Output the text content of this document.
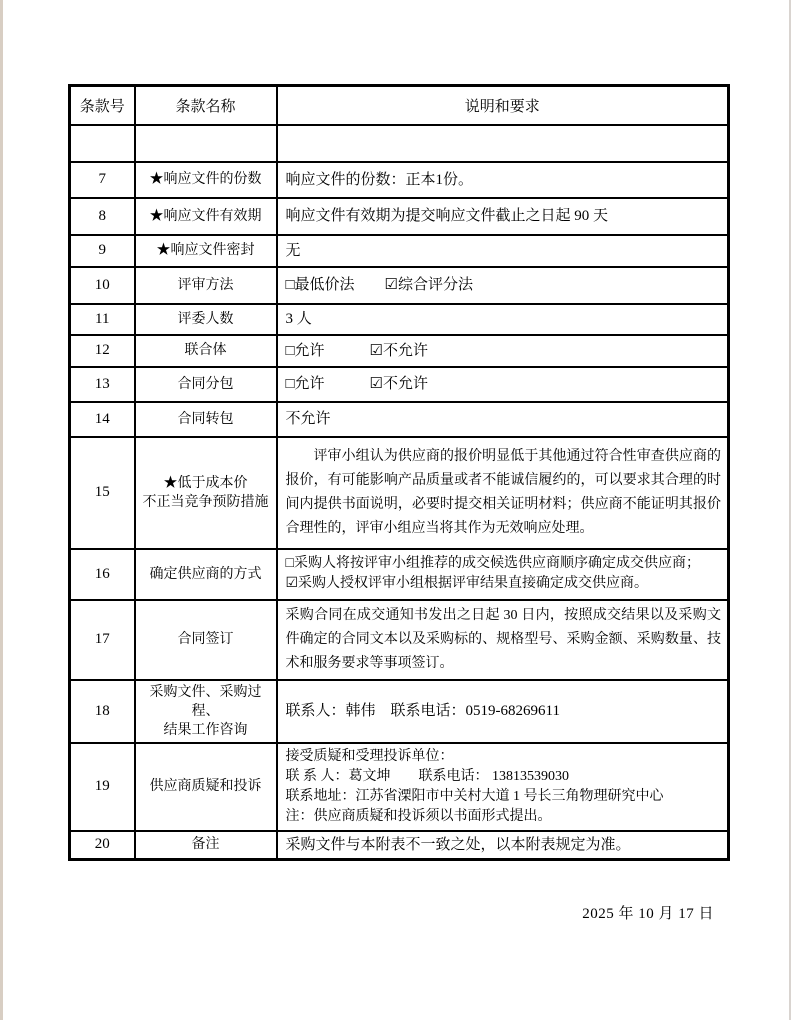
条款号	条款名称	说明和要求

7	★响应文件的份数	响应文件的份数：正本1份。

8	★响应文件有效期	响应文件有效期为提交响应文件截止之日起 90 天

9	★响应文件密封	无

10	评审方法	□最低价法　　☑综合评分法

11	评委人数	3 人

12	联合体	□允许　　　☑不允许

13	合同分包	□允许　　　☑不允许

14	合同转包	不允许

15	★低于成本价
不正当竞争预防措施	评审小组认为供应商的报价明显低于其他通过符合性审查供应商的报价，有可能影响产品质量或者不能诚信履约的，可以要求其合理的时间内提供书面说明，必要时提交相关证明材料；供应商不能证明其报价合理性的，评审小组应当将其作为无效响应处理。

16	确定供应商的方式	□采购人将按评审小组推荐的成交候选供应商顺序确定成交供应商；
☑采购人授权评审小组根据评审结果直接确定成交供应商。

17	合同签订	采购合同在成交通知书发出之日起 30 日内，按照成交结果以及采购文件确定的合同文本以及采购标的、规格型号、采购金额、采购数量、技术和服务要求等事项签订。

18	采购文件、采购过程、
结果工作咨询	联系人：韩伟　联系电话：0519-68269611

19	供应商质疑和投诉	接受质疑和受理投诉单位：
联 系 人：葛文坤　　联系电话： 13813539030
联系地址：江苏省溧阳市中关村大道 1 号长三角物理研究中心
注：供应商质疑和投诉须以书面形式提出。

20	备注	采购文件与本附表不一致之处，以本附表规定为准。
2025 年 10 月 17 日
